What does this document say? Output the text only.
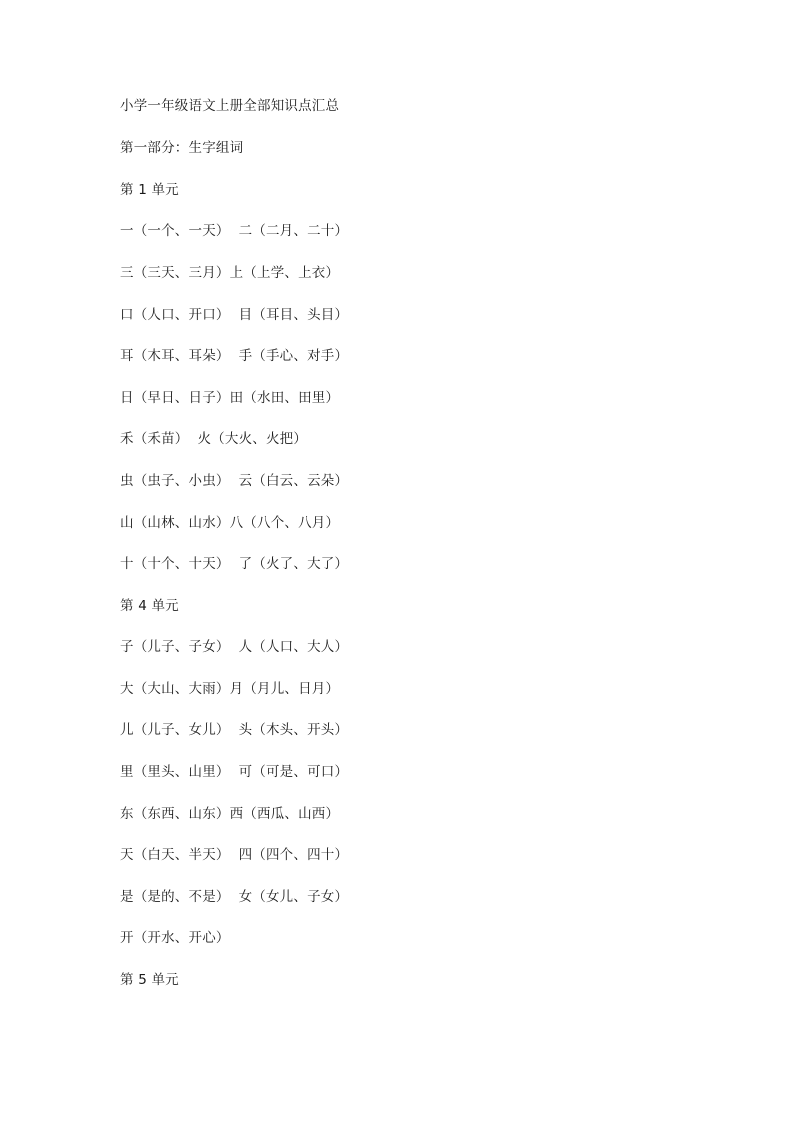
小学一年级语文上册全部知识点汇总
第一部分：生字组词
第 1 单元
一（一个、一天）  二（二月、二十）
三（三天、三月）上（上学、上衣）
口（人口、开口）  目（耳目、头目）
耳（木耳、耳朵）  手（手心、对手）
日（早日、日子）田（水田、田里）
禾（禾苗）  火（大火、火把）
虫（虫子、小虫）  云（白云、云朵）
山（山林、山水）八（八个、八月）
十（十个、十天）  了（火了、大了）
第 4 单元
子（儿子、子女）  人（人口、大人）
大（大山、大雨）月（月儿、日月）
儿（儿子、女儿）  头（木头、开头）
里（里头、山里）  可（可是、可口）
东（东西、山东）西（西瓜、山西）
天（白天、半天）  四（四个、四十）
是（是的、不是）  女（女儿、子女）
开（开水、开心）
第 5 单元
